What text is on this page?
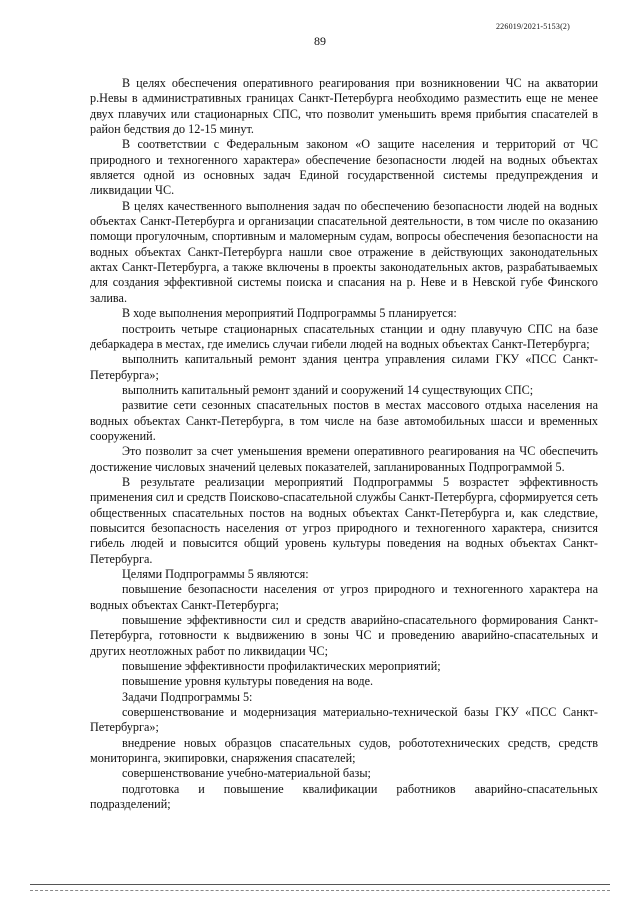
226019/2021-5153(2)
89

В целях обеспечения оперативного реагирования при возникновении ЧС на акватории р.Невы в административных границах Санкт-Петербурга необходимо разместить еще не менее двух плавучих или стационарных СПС, что позволит уменьшить время прибытия спасателей в район бедствия до 12-15 минут.

В соответствии с Федеральным законом «О защите населения и территорий от ЧС природного и техногенного характера» обеспечение безопасности людей на водных объектах является одной из основных задач Единой государственной системы предупреждения и ликвидации ЧС.

В целях качественного выполнения задач по обеспечению безопасности людей на водных объектах Санкт-Петербурга и организации спасательной деятельности, в том числе по оказанию помощи прогулочным, спортивным и маломерным судам, вопросы обеспечения безопасности на водных объектах Санкт-Петербурга нашли свое отражение в действующих законодательных актах Санкт-Петербурга, а также включены в проекты законодательных актов, разрабатываемых для создания эффективной системы поиска и спасания на р. Неве и в Невской губе Финского залива.

В ходе выполнения мероприятий Подпрограммы 5 планируется:

построить четыре стационарных спасательных станции и одну плавучую СПС на базе дебаркадера в местах, где имелись случаи гибели людей на водных объектах Санкт-Петербурга;

выполнить капитальный ремонт здания центра управления силами ГКУ «ПСС Санкт-Петербурга»;

выполнить капитальный ремонт зданий и сооружений 14 существующих СПС;

развитие сети сезонных спасательных постов в местах массового отдыха населения на водных объектах Санкт-Петербурга, в том числе на базе автомобильных шасси и временных сооружений.

Это позволит за счет уменьшения времени оперативного реагирования на ЧС обеспечить достижение числовых значений целевых показателей, запланированных Подпрограммой 5.

В результате реализации мероприятий Подпрограммы 5 возрастет эффективность применения сил и средств Поисково-спасательной службы Санкт-Петербурга, сформируется сеть общественных спасательных постов на водных объектах Санкт-Петербурга и, как следствие, повысится безопасность населения от угроз природного и техногенного характера, снизится гибель людей и повысится общий уровень культуры поведения на водных объектах Санкт-Петербурга.

Целями Подпрограммы 5 являются:

повышение безопасности населения от угроз природного и техногенного характера на водных объектах Санкт-Петербурга;

повышение эффективности сил и средств аварийно-спасательного формирования Санкт-Петербурга, готовности к выдвижению в зоны ЧС и проведению аварийно-спасательных и других неотложных работ по ликвидации ЧС;

повышение эффективности профилактических мероприятий;

повышение уровня культуры поведения на воде.

Задачи Подпрограммы 5:

совершенствование и модернизация материально-технической базы ГКУ «ПСС Санкт-Петербурга»;

внедрение новых образцов спасательных судов, робототехнических средств, средств мониторинга, экипировки, снаряжения спасателей;

совершенствование учебно-материальной базы;

подготовка и повышение квалификации работников аварийно-спасательных подразделений;
